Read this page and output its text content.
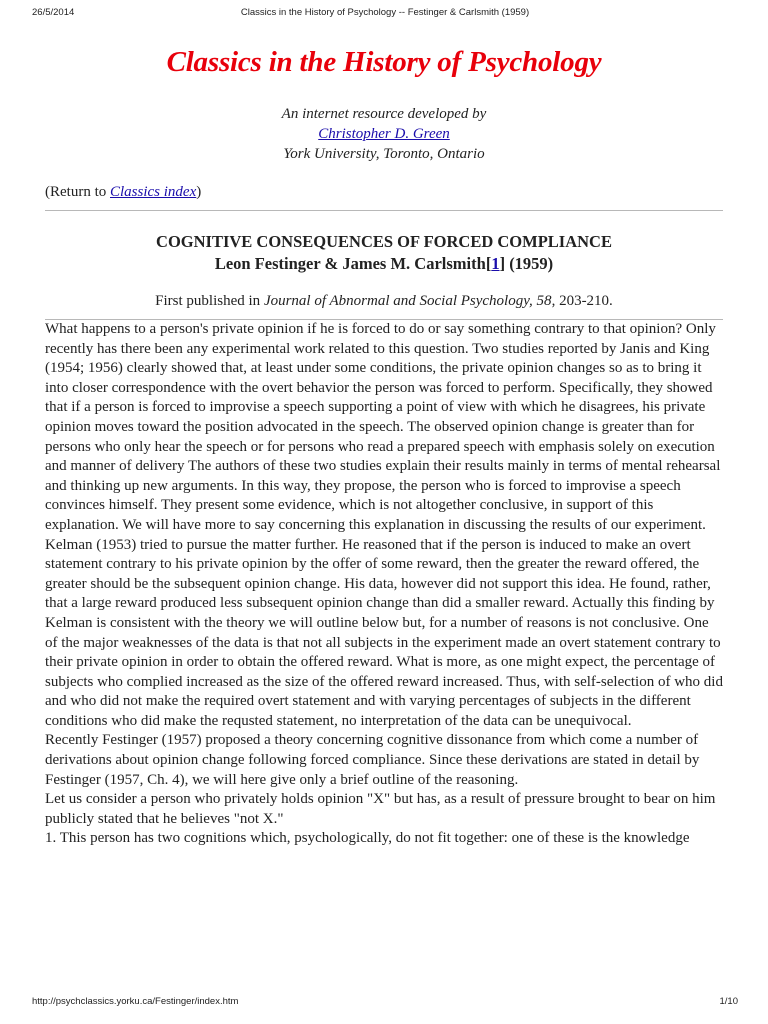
26/5/2014	Classics in the History of Psychology -- Festinger & Carlsmith (1959)
Classics in the History of Psychology
An internet resource developed by
Christopher D. Green
York University, Toronto, Ontario
(Return to Classics index)
COGNITIVE CONSEQUENCES OF FORCED COMPLIANCE
Leon Festinger & James M. Carlsmith[1] (1959)
First published in Journal of Abnormal and Social Psychology, 58, 203-210.

What happens to a person's private opinion if he is forced to do or say something contrary to that opinion? Only recently has there been any experimental work related to this question. Two studies reported by Janis and King (1954; 1956) clearly showed that, at least under some conditions, the private opinion changes so as to bring it into closer correspondence with the overt behavior the person was forced to perform. Specifically, they showed that if a person is forced to improvise a speech supporting a point of view with which he disagrees, his private opinion moves toward the position advocated in the speech. The observed opinion change is greater than for persons who only hear the speech or for persons who read a prepared speech with emphasis solely on execution and manner of delivery The authors of these two studies explain their results mainly in terms of mental rehearsal and thinking up new arguments. In this way, they propose, the person who is forced to improvise a speech convinces himself. They present some evidence, which is not altogether conclusive, in support of this explanation. We will have more to say concerning this explanation in discussing the results of our experiment.

Kelman (1953) tried to pursue the matter further. He reasoned that if the person is induced to make an overt statement contrary to his private opinion by the offer of some reward, then the greater the reward offered, the greater should be the subsequent opinion change. His data, however did not support this idea. He found, rather, that a large reward produced less subsequent opinion change than did a smaller reward. Actually this finding by Kelman is consistent with the theory we will outline below but, for a number of reasons is not conclusive. One of the major weaknesses of the data is that not all subjects in the experiment made an overt statement contrary to their private opinion in order to obtain the offered reward. What is more, as one might expect, the percentage of subjects who complied increased as the size of the offered reward increased. Thus, with self-selection of who did and who did not make the required overt statement and with varying percentages of subjects in the different conditions who did make the requsted statement, no interpretation of the data can be unequivocal.

Recently Festinger (1957) proposed a theory concerning cognitive dissonance from which come a number of derivations about opinion change following forced compliance. Since these derivations are stated in detail by Festinger (1957, Ch. 4), we will here give only a brief outline of the reasoning.

Let us consider a person who privately holds opinion "X" but has, as a result of pressure brought to bear on him publicly stated that he believes "not X."

1. This person has two cognitions which, psychologically, do not fit together: one of these is the knowledge

http://psychclassics.yorku.ca/Festinger/index.htm	1/10
